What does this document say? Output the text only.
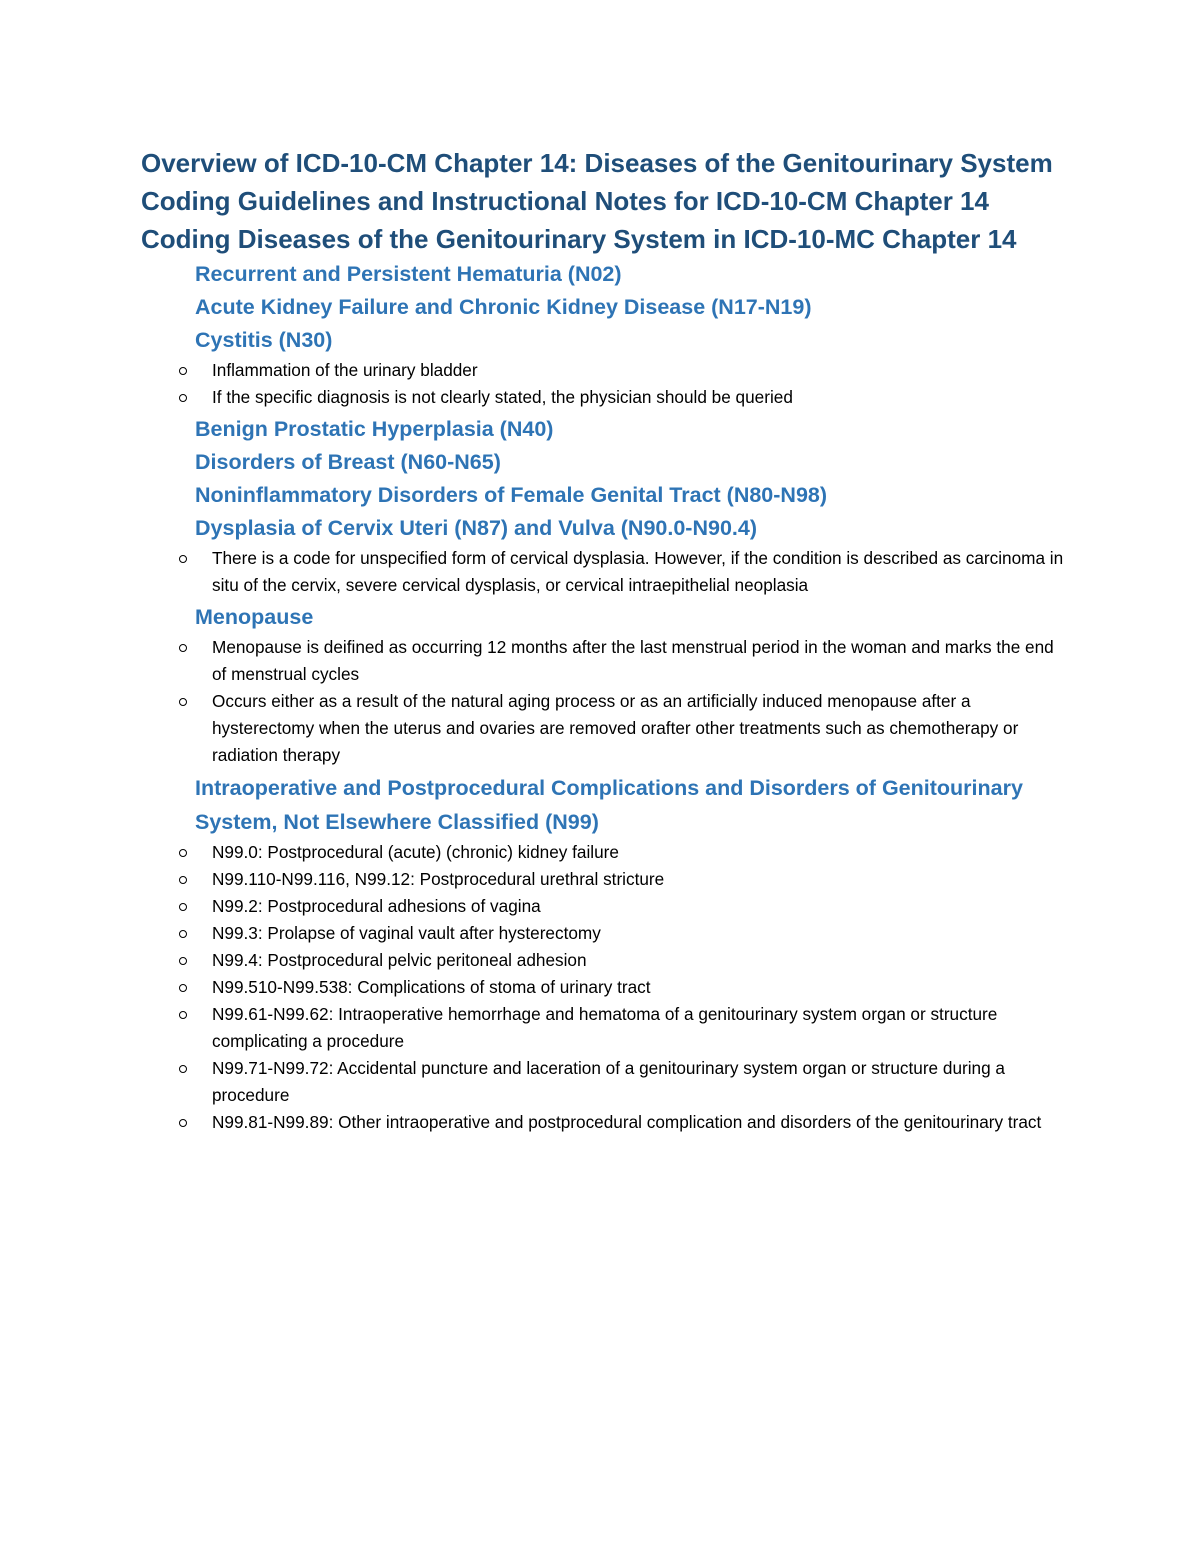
Overview of ICD-10-CM Chapter 14: Diseases of the Genitourinary System
Coding Guidelines and Instructional Notes for ICD-10-CM Chapter 14
Coding Diseases of the Genitourinary System in ICD-10-MC Chapter 14
Recurrent and Persistent Hematuria (N02)
Acute Kidney Failure and Chronic Kidney Disease (N17-N19)
Cystitis (N30)
Inflammation of the urinary bladder
If the specific diagnosis is not clearly stated, the physician should be queried
Benign Prostatic Hyperplasia (N40)
Disorders of Breast (N60-N65)
Noninflammatory Disorders of Female Genital Tract (N80-N98)
Dysplasia of Cervix Uteri (N87) and Vulva (N90.0-N90.4)
There is a code for unspecified form of cervical dysplasia. However, if the condition is described as carcinoma in situ of the cervix, severe cervical dysplasis, or cervical intraepithelial neoplasia
Menopause
Menopause is deifined as occurring 12 months after the last menstrual period in the woman and marks the end of menstrual cycles
Occurs either as a result of the natural aging process or as an artificially induced menopause after a hysterectomy when the uterus and ovaries are removed orafter other treatments such as chemotherapy or radiation therapy
Intraoperative and Postprocedural Complications and Disorders of Genitourinary System, Not Elsewhere Classified (N99)
N99.0: Postprocedural (acute) (chronic) kidney failure
N99.110-N99.116, N99.12: Postprocedural urethral stricture
N99.2: Postprocedural adhesions of vagina
N99.3: Prolapse of vaginal vault after hysterectomy
N99.4: Postprocedural pelvic peritoneal adhesion
N99.510-N99.538: Complications of stoma of urinary tract
N99.61-N99.62: Intraoperative hemorrhage and hematoma of a genitourinary system organ or structure complicating a procedure
N99.71-N99.72: Accidental puncture and laceration of a genitourinary system organ or structure during a procedure
N99.81-N99.89: Other intraoperative and postprocedural complication and disorders of the genitourinary tract
